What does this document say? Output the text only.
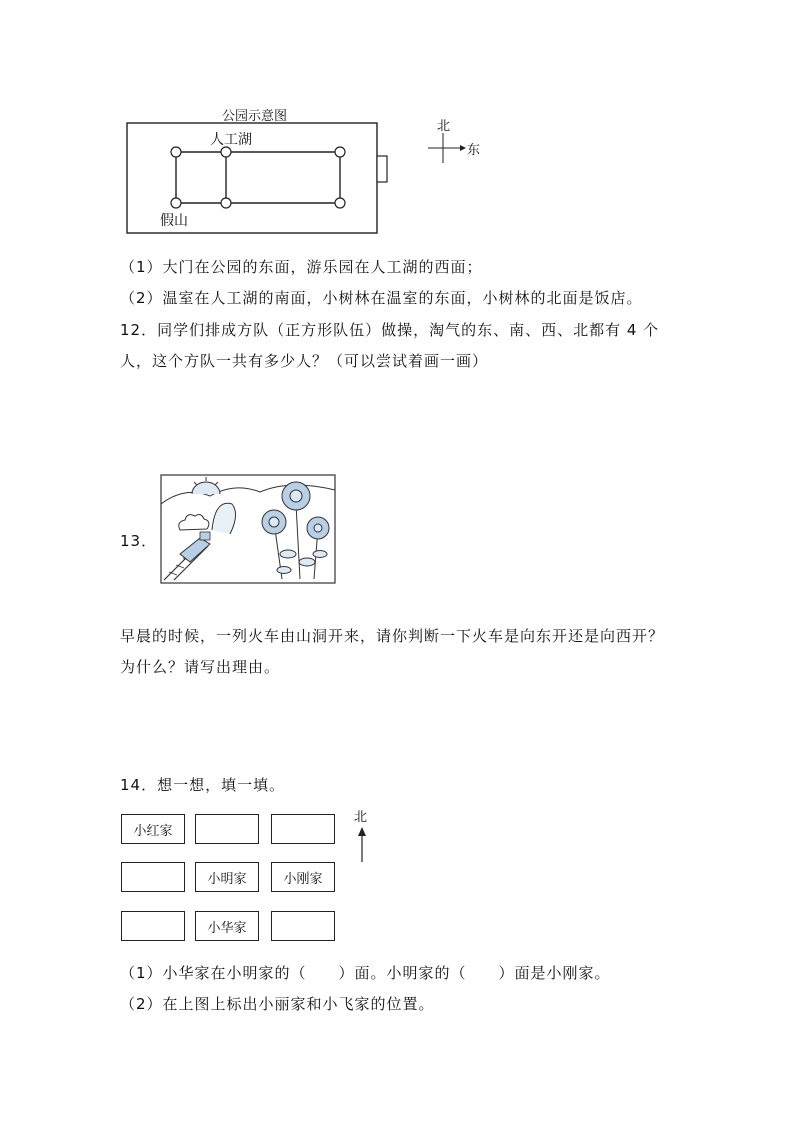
公园示意图
人工湖
假山
北
东
（1）大门在公园的东面，游乐园在人工湖的西面；
（2）温室在人工湖的南面，小树林在温室的东面，小树林的北面是饭店。
12．同学们排成方队（正方形队伍）做操，淘气的东、南、西、北都有 4 个
人，这个方队一共有多少人？（可以尝试着画一画）
13．
早晨的时候，一列火车由山洞开来，请你判断一下火车是向东开还是向西开？
为什么？请写出理由。
14．想一想，填一填。
小红家
小明家	小刚家
小华家
北
（1）小华家在小明家的（　　）面。小明家的（　　）面是小刚家。
（2）在上图上标出小丽家和小飞家的位置。
